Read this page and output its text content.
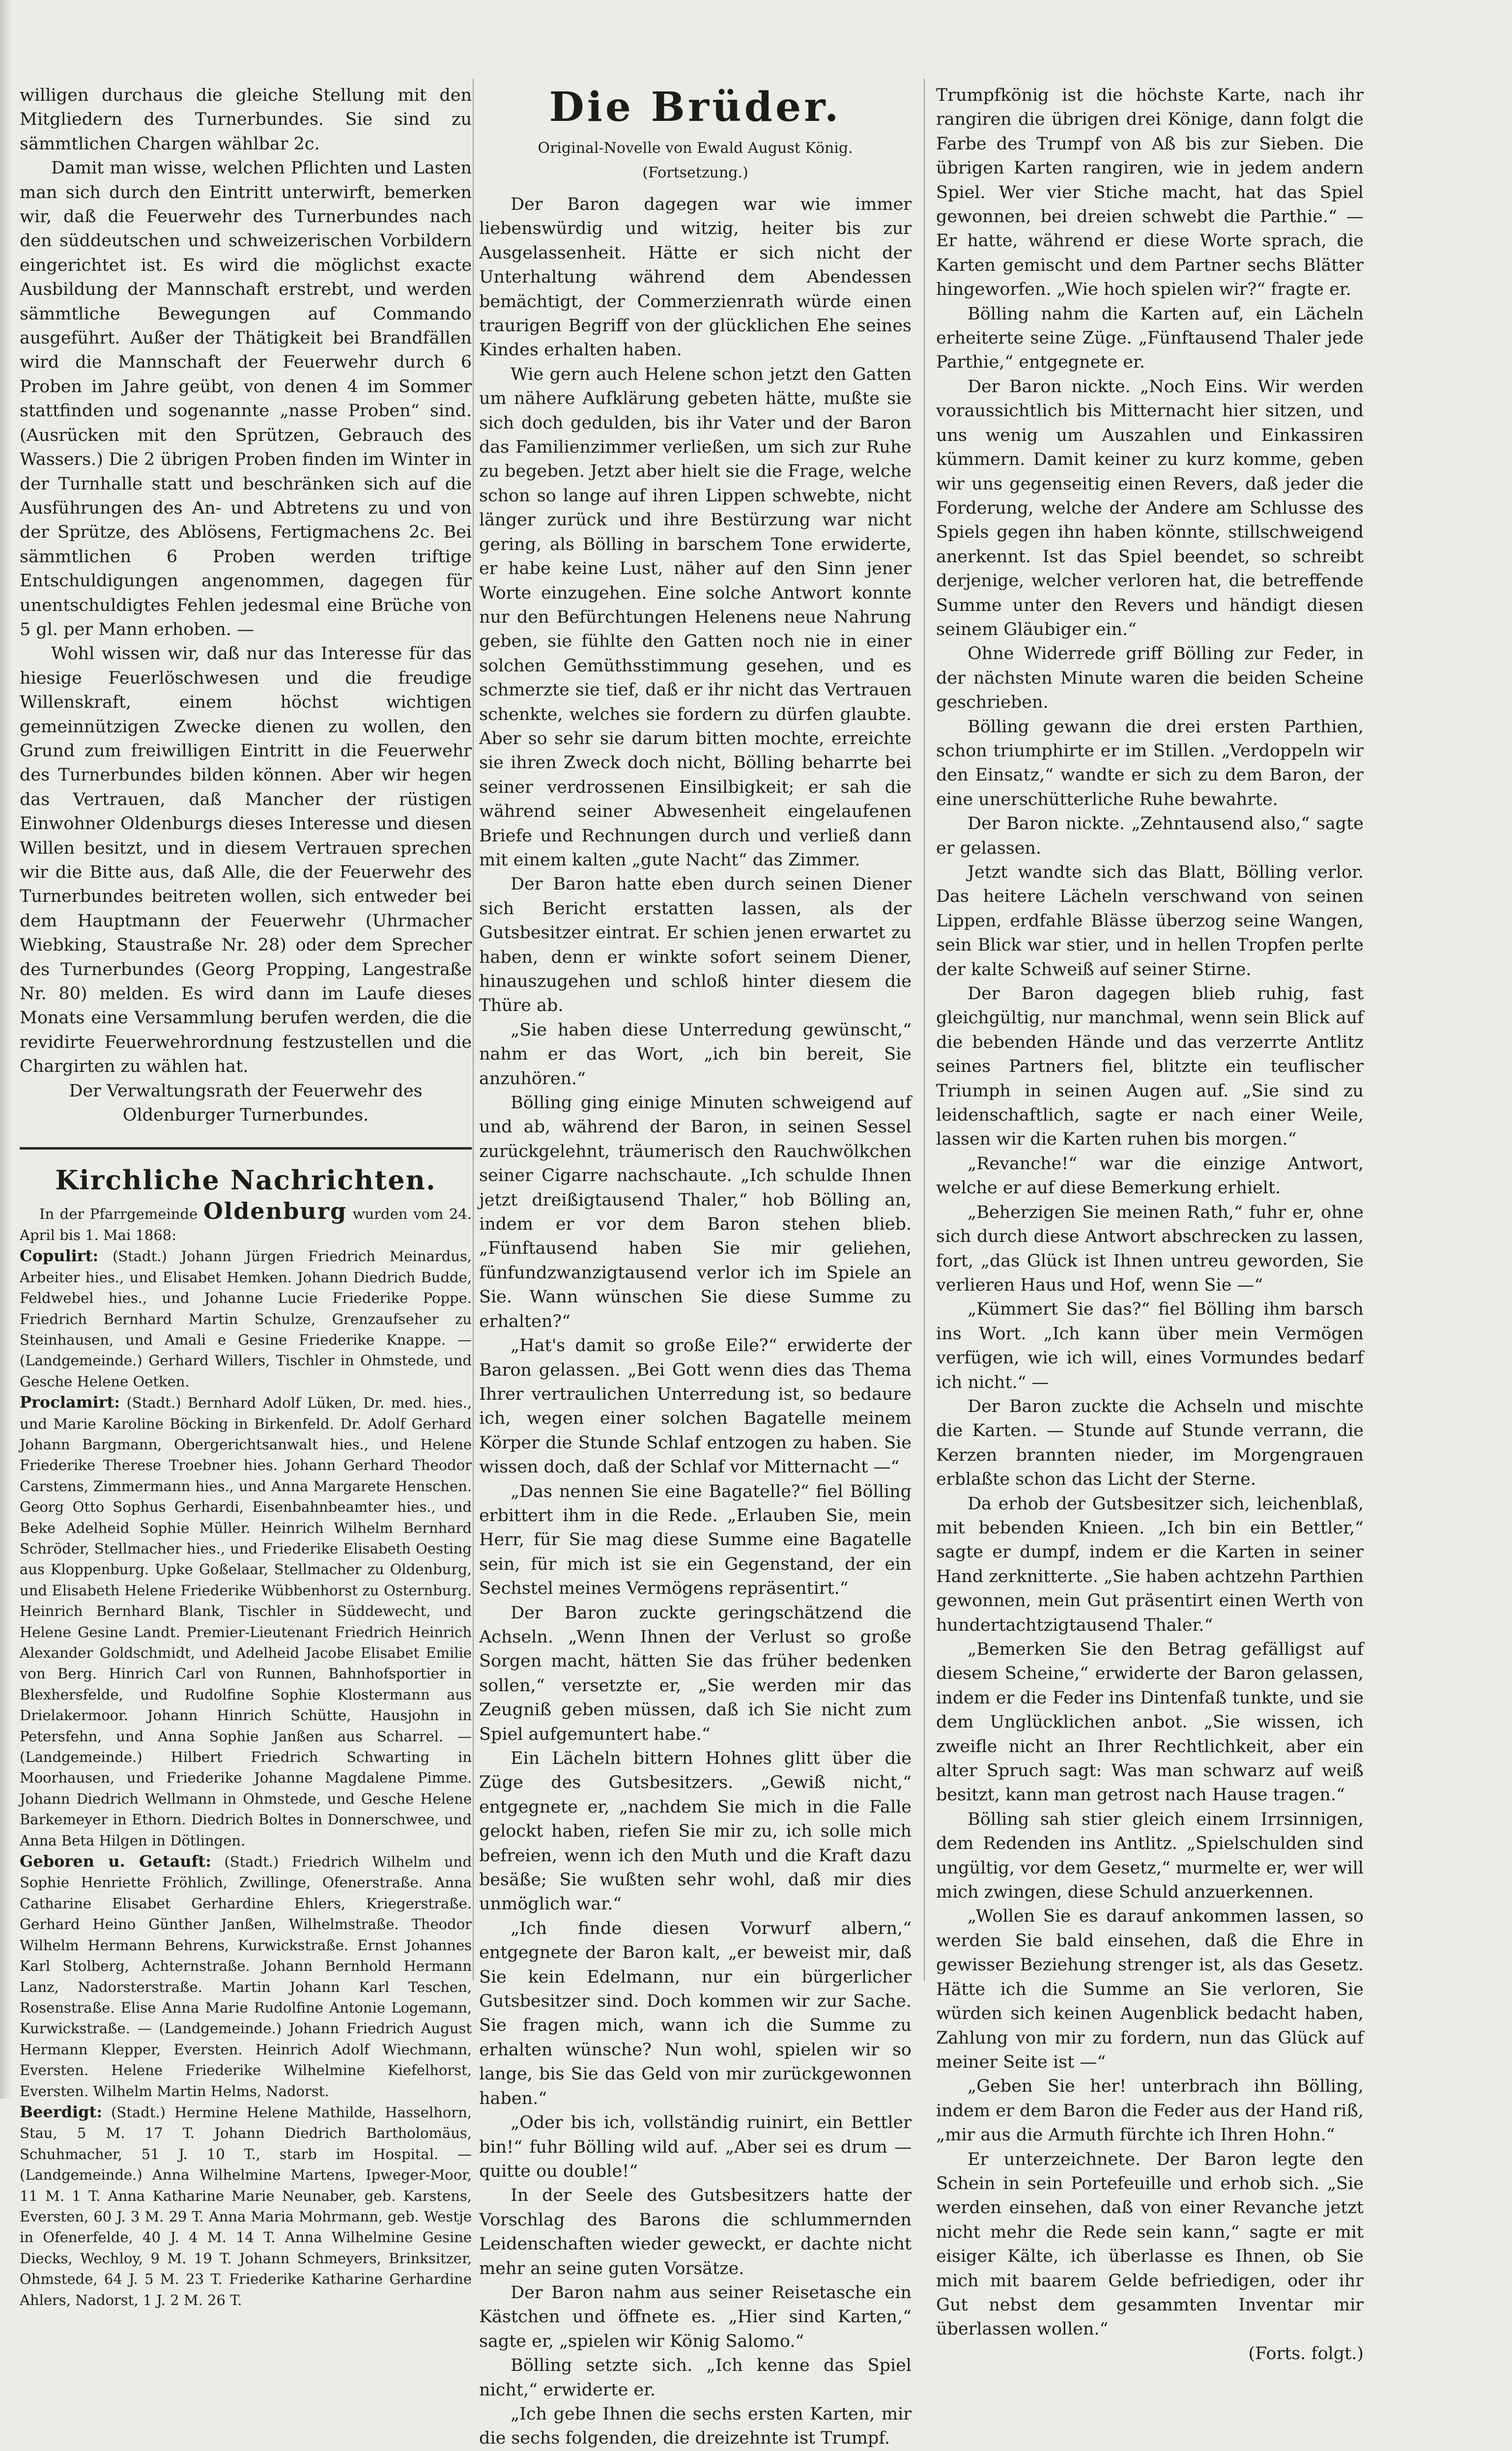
willigen durchaus die gleiche Stellung mit den Mitgliedern des Turnerbundes. Sie sind zu sämmtlichen Chargen wählbar 2c.

Damit man wisse, welchen Pflichten und Lasten man sich durch den Eintritt unterwirft, bemerken wir, daß die Feuerwehr des Turnerbundes nach den süddeutschen und schweizerischen Vorbildern eingerichtet ist. Es wird die möglichst exacte Ausbildung der Mannschaft erstrebt, und werden sämmtliche Bewegungen auf Commando ausgeführt. Außer der Thätigkeit bei Brandfällen wird die Mannschaft der Feuerwehr durch 6 Proben im Jahre geübt, von denen 4 im Sommer stattfinden und sogenannte „nasse Proben“ sind. (Ausrücken mit den Sprützen, Gebrauch des Wassers.) Die 2 übrigen Proben finden im Winter in der Turnhalle statt und beschränken sich auf die Ausführungen des An- und Abtretens zu und von der Sprütze, des Ablösens, Fertigmachens 2c. Bei sämmtlichen 6 Proben werden triftige Entschuldigungen angenommen, dagegen für unentschuldigtes Fehlen jedesmal eine Brüche von 5 gl. per Mann erhoben. —

Wohl wissen wir, daß nur das Interesse für das hiesige Feuerlöschwesen und die freudige Willenskraft, einem höchst wichtigen gemeinnützigen Zwecke dienen zu wollen, den Grund zum freiwilligen Eintritt in die Feuerwehr des Turnerbundes bilden können. Aber wir hegen das Vertrauen, daß Mancher der rüstigen Einwohner Oldenburgs dieses Interesse und diesen Willen besitzt, und in diesem Vertrauen sprechen wir die Bitte aus, daß Alle, die der Feuerwehr des Turnerbundes beitreten wollen, sich entweder bei dem Hauptmann der Feuerwehr (Uhrmacher Wiebking, Staustraße Nr. 28) oder dem Sprecher des Turnerbundes (Georg Propping, Langestraße Nr. 80) melden. Es wird dann im Laufe dieses Monats eine Versammlung berufen werden, die die revidirte Feuerwehrordnung festzustellen und die Chargirten zu wählen hat.

Der Verwaltungsrath der Feuerwehr des Oldenburger Turnerbundes.

Kirchliche Nachrichten.

In der Pfarrgemeinde Oldenburg wurden vom 24. April bis 1. Mai 1868:

Copulirt: (Stadt.) Johann Jürgen Friedrich Meinardus, Arbeiter hies., und Elisabet Hemken. Johann Diedrich Budde, Feldwebel hies., und Johanne Lucie Friederike Poppe. Friedrich Bernhard Martin Schulze, Grenzaufseher zu Steinhausen, und Amali e Gesine Friederike Knappe. — (Landgemeinde.) Gerhard Willers, Tischler in Ohmstede, und Gesche Helene Oetken.

Proclamirt: (Stadt.) Bernhard Adolf Lüken, Dr. med. hies., und Marie Karoline Böcking in Birkenfeld. Dr. Adolf Gerhard Johann Bargmann, Obergerichtsanwalt hies., und Helene Friederike Therese Troebner hies. Johann Gerhard Theodor Carstens, Zimmermann hies., und Anna Margarete Henschen. Georg Otto Sophus Gerhardi, Eisenbahnbeamter hies., und Beke Adelheid Sophie Müller. Heinrich Wilhelm Bernhard Schröder, Stellmacher hies., und Friederike Elisabeth Oesting aus Kloppenburg. Upke Goßelaar, Stellmacher zu Oldenburg, und Elisabeth Helene Friederike Wübbenhorst zu Osternburg. Heinrich Bernhard Blank, Tischler in Süddewecht, und Helene Gesine Landt. Premier-Lieutenant Friedrich Heinrich Alexander Goldschmidt, und Adelheid Jacobe Elisabet Emilie von Berg. Hinrich Carl von Runnen, Bahnhofsportier in Blexhersfelde, und Rudolfine Sophie Klostermann aus Drielakermoor. Johann Hinrich Schütte, Hausjohn in Petersfehn, und Anna Sophie Janßen aus Scharrel. — (Landgemeinde.) Hilbert Friedrich Schwarting in Moorhausen, und Friederike Johanne Magdalene Pimme. Johann Diedrich Wellmann in Ohmstede, und Gesche Helene Barkemeyer in Ethorn. Diedrich Boltes in Donnerschwee, und Anna Beta Hilgen in Dötlingen.

Geboren u. Getauft: (Stadt.) Friedrich Wilhelm und Sophie Henriette Fröhlich, Zwillinge, Ofenerstraße. Anna Catharine Elisabet Gerhardine Ehlers, Kriegerstraße. Gerhard Heino Günther Janßen, Wilhelmstraße. Theodor Wilhelm Hermann Behrens, Kurwickstraße. Ernst Johannes Karl Stolberg, Achternstraße. Johann Bernhold Hermann Lanz, Nadorsterstraße. Martin Johann Karl Teschen, Rosenstraße. Elise Anna Marie Rudolfine Antonie Logemann, Kurwickstraße. — (Landgemeinde.) Johann Friedrich August Hermann Klepper, Eversten. Heinrich Adolf Wiechmann, Eversten. Helene Friederike Wilhelmine Kiefelhorst, Eversten. Wilhelm Martin Helms, Nadorst.

Beerdigt: (Stadt.) Hermine Helene Mathilde, Hasselhorn, Stau, 5 M. 17 T. Johann Diedrich Bartholomäus, Schuhmacher, 51 J. 10 T., starb im Hospital. — (Landgemeinde.) Anna Wilhelmine Martens, Ipweger-Moor, 11 M. 1 T. Anna Katharine Marie Neunaber, geb. Karstens, Eversten, 60 J. 3 M. 29 T. Anna Maria Mohrmann, geb. Westje in Ofenerfelde, 40 J. 4 M. 14 T. Anna Wilhelmine Gesine Diecks, Wechloy, 9 M. 19 T. Johann Schmeyers, Brinksitzer, Ohmstede, 64 J. 5 M. 23 T. Friederike Katharine Gerhardine Ahlers, Nadorst, 1 J. 2 M. 26 T.

Die Brüder.
Original-Novelle von Ewald August König.
(Fortsetzung.)

Der Baron dagegen war wie immer liebenswürdig und witzig, heiter bis zur Ausgelassenheit. Hätte er sich nicht der Unterhaltung während dem Abendessen bemächtigt, der Commerzienrath würde einen traurigen Begriff von der glücklichen Ehe seines Kindes erhalten haben.

Wie gern auch Helene schon jetzt den Gatten um nähere Aufklärung gebeten hätte, mußte sie sich doch gedulden, bis ihr Vater und der Baron das Familienzimmer verließen, um sich zur Ruhe zu begeben. Jetzt aber hielt sie die Frage, welche schon so lange auf ihren Lippen schwebte, nicht länger zurück und ihre Bestürzung war nicht gering, als Bölling in barschem Tone erwiderte, er habe keine Lust, näher auf den Sinn jener Worte einzugehen. Eine solche Antwort konnte nur den Befürchtungen Helenens neue Nahrung geben, sie fühlte den Gatten noch nie in einer solchen Gemüthsstimmung gesehen, und es schmerzte sie tief, daß er ihr nicht das Vertrauen schenkte, welches sie fordern zu dürfen glaubte. Aber so sehr sie darum bitten mochte, erreichte sie ihren Zweck doch nicht, Bölling beharrte bei seiner verdrossenen Einsilbigkeit; er sah die während seiner Abwesenheit eingelaufenen Briefe und Rechnungen durch und verließ dann mit einem kalten „gute Nacht“ das Zimmer.

Der Baron hatte eben durch seinen Diener sich Bericht erstatten lassen, als der Gutsbesitzer eintrat. Er schien jenen erwartet zu haben, denn er winkte sofort seinem Diener, hinauszugehen und schloß hinter diesem die Thüre ab.

„Sie haben diese Unterredung gewünscht,“ nahm er das Wort, „ich bin bereit, Sie anzuhören.“

Bölling ging einige Minuten schweigend auf und ab, während der Baron, in seinen Sessel zurückgelehnt, träumerisch den Rauchwölkchen seiner Cigarre nachschaute. „Ich schulde Ihnen jetzt dreißigtausend Thaler,“ hob Bölling an, indem er vor dem Baron stehen blieb. „Fünftausend haben Sie mir geliehen, fünfundzwanzigtausend verlor ich im Spiele an Sie. Wann wünschen Sie diese Summe zu erhalten?“

„Hat's damit so große Eile?“ erwiderte der Baron gelassen. „Bei Gott wenn dies das Thema Ihrer vertraulichen Unterredung ist, so bedaure ich, wegen einer solchen Bagatelle meinem Körper die Stunde Schlaf entzogen zu haben. Sie wissen doch, daß der Schlaf vor Mitternacht —“

„Das nennen Sie eine Bagatelle?“ fiel Bölling erbittert ihm in die Rede. „Erlauben Sie, mein Herr, für Sie mag diese Summe eine Bagatelle sein, für mich ist sie ein Gegenstand, der ein Sechstel meines Vermögens repräsentirt.“

Der Baron zuckte geringschätzend die Achseln. „Wenn Ihnen der Verlust so große Sorgen macht, hätten Sie das früher bedenken sollen,“ versetzte er, „Sie werden mir das Zeugniß geben müssen, daß ich Sie nicht zum Spiel aufgemuntert habe.“

Ein Lächeln bittern Hohnes glitt über die Züge des Gutsbesitzers. „Gewiß nicht,“ entgegnete er, „nachdem Sie mich in die Falle gelockt haben, riefen Sie mir zu, ich solle mich befreien, wenn ich den Muth und die Kraft dazu besäße; Sie wußten sehr wohl, daß mir dies unmöglich war.“

„Ich finde diesen Vorwurf albern,“ entgegnete der Baron kalt, „er beweist mir, daß Sie kein Edelmann, nur ein bürgerlicher Gutsbesitzer sind. Doch kommen wir zur Sache. Sie fragen mich, wann ich die Summe zu erhalten wünsche? Nun wohl, spielen wir so lange, bis Sie das Geld von mir zurückgewonnen haben.“

„Oder bis ich, vollständig ruinirt, ein Bettler bin!“ fuhr Bölling wild auf. „Aber sei es drum — quitte ou double!“

In der Seele des Gutsbesitzers hatte der Vorschlag des Barons die schlummernden Leidenschaften wieder geweckt, er dachte nicht mehr an seine guten Vorsätze.

Der Baron nahm aus seiner Reisetasche ein Kästchen und öffnete es. „Hier sind Karten,“ sagte er, „spielen wir König Salomo.“

Bölling setzte sich. „Ich kenne das Spiel nicht,“ erwiderte er.

„Ich gebe Ihnen die sechs ersten Karten, mir die sechs folgenden, die dreizehnte ist Trumpf.

Trumpfkönig ist die höchste Karte, nach ihr rangiren die übrigen drei Könige, dann folgt die Farbe des Trumpf von Aß bis zur Sieben. Die übrigen Karten rangiren, wie in jedem andern Spiel. Wer vier Stiche macht, hat das Spiel gewonnen, bei dreien schwebt die Parthie.“ — Er hatte, während er diese Worte sprach, die Karten gemischt und dem Partner sechs Blätter hingeworfen. „Wie hoch spielen wir?“ fragte er.

Bölling nahm die Karten auf, ein Lächeln erheiterte seine Züge. „Fünftausend Thaler jede Parthie,“ entgegnete er.

Der Baron nickte. „Noch Eins. Wir werden voraussichtlich bis Mitternacht hier sitzen, und uns wenig um Auszahlen und Einkassiren kümmern. Damit keiner zu kurz komme, geben wir uns gegenseitig einen Revers, daß jeder die Forderung, welche der Andere am Schlusse des Spiels gegen ihn haben könnte, stillschweigend anerkennt. Ist das Spiel beendet, so schreibt derjenige, welcher verloren hat, die betreffende Summe unter den Revers und händigt diesen seinem Gläubiger ein.“

Ohne Widerrede griff Bölling zur Feder, in der nächsten Minute waren die beiden Scheine geschrieben.

Bölling gewann die drei ersten Parthien, schon triumphirte er im Stillen. „Verdoppeln wir den Einsatz,“ wandte er sich zu dem Baron, der eine unerschütterliche Ruhe bewahrte.

Der Baron nickte. „Zehntausend also,“ sagte er gelassen.

Jetzt wandte sich das Blatt, Bölling verlor. Das heitere Lächeln verschwand von seinen Lippen, erdfahle Blässe überzog seine Wangen, sein Blick war stier, und in hellen Tropfen perlte der kalte Schweiß auf seiner Stirne.

Der Baron dagegen blieb ruhig, fast gleichgültig, nur manchmal, wenn sein Blick auf die bebenden Hände und das verzerrte Antlitz seines Partners fiel, blitzte ein teuflischer Triumph in seinen Augen auf. „Sie sind zu leidenschaftlich, sagte er nach einer Weile, lassen wir die Karten ruhen bis morgen.“

„Revanche!“ war die einzige Antwort, welche er auf diese Bemerkung erhielt.

„Beherzigen Sie meinen Rath,“ fuhr er, ohne sich durch diese Antwort abschrecken zu lassen, fort, „das Glück ist Ihnen untreu geworden, Sie verlieren Haus und Hof, wenn Sie —“

„Kümmert Sie das?“ fiel Bölling ihm barsch ins Wort. „Ich kann über mein Vermögen verfügen, wie ich will, eines Vormundes bedarf ich nicht.“ —

Der Baron zuckte die Achseln und mischte die Karten. — Stunde auf Stunde verrann, die Kerzen brannten nieder, im Morgengrauen erblaßte schon das Licht der Sterne.

Da erhob der Gutsbesitzer sich, leichenblaß, mit bebenden Knieen. „Ich bin ein Bettler,“ sagte er dumpf, indem er die Karten in seiner Hand zerknitterte. „Sie haben achtzehn Parthien gewonnen, mein Gut präsentirt einen Werth von hundertachtzigtausend Thaler.“

„Bemerken Sie den Betrag gefälligst auf diesem Scheine,“ erwiderte der Baron gelassen, indem er die Feder ins Dintenfaß tunkte, und sie dem Unglücklichen anbot. „Sie wissen, ich zweifle nicht an Ihrer Rechtlichkeit, aber ein alter Spruch sagt: Was man schwarz auf weiß besitzt, kann man getrost nach Hause tragen.“

Bölling sah stier gleich einem Irrsinnigen, dem Redenden ins Antlitz. „Spielschulden sind ungültig, vor dem Gesetz,“ murmelte er, wer will mich zwingen, diese Schuld anzuerkennen.

„Wollen Sie es darauf ankommen lassen, so werden Sie bald einsehen, daß die Ehre in gewisser Beziehung strenger ist, als das Gesetz. Hätte ich die Summe an Sie verloren, Sie würden sich keinen Augenblick bedacht haben, Zahlung von mir zu fordern, nun das Glück auf meiner Seite ist —“

„Geben Sie her! unterbrach ihn Bölling, indem er dem Baron die Feder aus der Hand riß, „mir aus die Armuth fürchte ich Ihren Hohn.“

Er unterzeichnete. Der Baron legte den Schein in sein Portefeuille und erhob sich. „Sie werden einsehen, daß von einer Revanche jetzt nicht mehr die Rede sein kann,“ sagte er mit eisiger Kälte, ich überlasse es Ihnen, ob Sie mich mit baarem Gelde befriedigen, oder ihr Gut nebst dem gesammten Inventar mir überlassen wollen.“

(Forts. folgt.)
